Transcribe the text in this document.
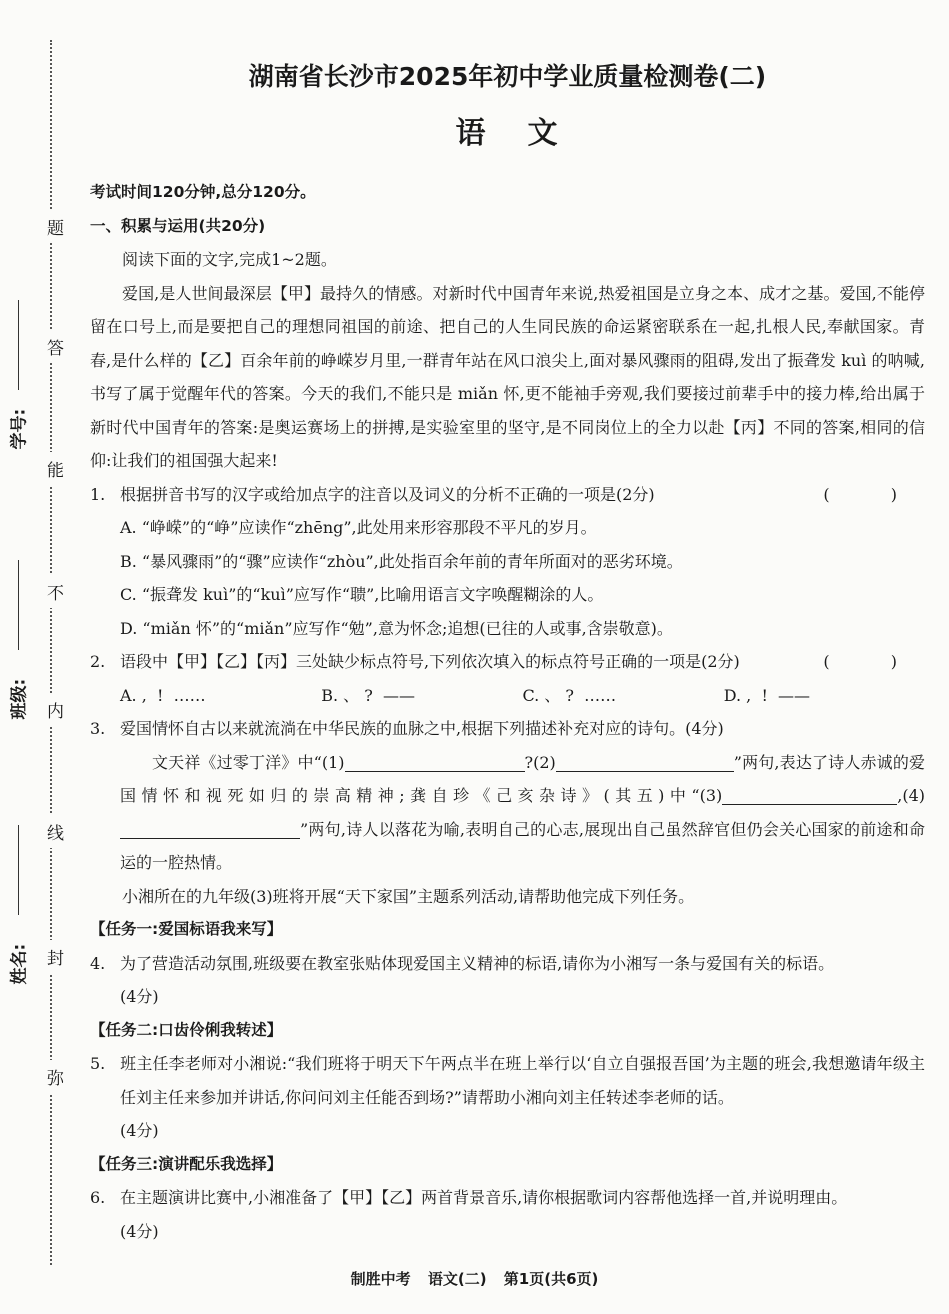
题
答
能
不
内
线
封
弥
学号:
班级:
姓名:
湖南省长沙市2025年初中学业质量检测卷(二)
语文

考试时间120分钟,总分120分。

一、积累与运用(共20分)

阅读下面的文字,完成1~2题。

爱国,是人世间最深层【甲】最持久的情感。对新时代中国青年来说,热爱祖国是立身之本、成才之基。爱国,不能停留在口号上,而是要把自己的理想同祖国的前途、把自己的人生同民族的命运紧密联系在一起,扎根人民,奉献国家。青春,是什么样的【乙】百余年前的峥嵘岁月里,一群青年站在风口浪尖上,面对暴风骤雨的阻碍,发出了振聋发 kuì 的呐喊,书写了属于觉醒年代的答案。今天的我们,不能只是 miǎn 怀,更不能袖手旁观,我们要接过前辈手中的接力棒,给出属于新时代中国青年的答案:是奥运赛场上的拼搏,是实验室里的坚守,是不同岗位上的全力以赴【丙】不同的答案,相同的信仰:让我们的祖国强大起来!

1. 根据拼音书写的汉字或给加点字的注音以及词义的分析不正确的一项是(2分)	( )

A. “峥嵘”的“峥”应读作“zhēng”,此处用来形容那段不平凡的岁月。

B. “暴风骤雨”的“骤”应读作“zhòu”,此处指百余年前的青年所面对的恶劣环境。

C. “振聋发 kuì”的“kuì”应写作“聩”,比喻用语言文字唤醒糊涂的人。

D. “miǎn 怀”的“miǎn”应写作“勉”,意为怀念;追想(已往的人或事,含崇敬意)。

2. 语段中【甲】【乙】【丙】三处缺少标点符号,下列依次填入的标点符号正确的一项是(2分)	( )
A. ,  !  ……	B. 、 ?  ——	C. 、 ?  ……	D. ,  !  ——
3. 爱国情怀自古以来就流淌在中华民族的血脉之中,根据下列描述补充对应的诗句。(4分)

文天祥《过零丁洋》中“(1)	?(2)	”两句,表达了诗人赤诚的爱国情怀和视死如归的崇高精神;龚自珍《己亥杂诗》(其五)中“(3)	,(4)”两句,诗人以落花为喻,表明自己的心志,展现出自己虽然辞官但仍会关心国家的前途和命运的一腔热情。

小湘所在的九年级(3)班将开展“天下家国”主题系列活动,请帮助他完成下列任务。

【任务一:爱国标语我来写】

4. 为了营造活动氛围,班级要在教室张贴体现爱国主义精神的标语,请你为小湘写一条与爱国有关的标语。

(4分)

【任务二:口齿伶俐我转述】

5. 班主任李老师对小湘说:“我们班将于明天下午两点半在班上举行以‘自立自强报吾国’为主题的班会,我想邀请年级主任刘主任来参加并讲话,你问问刘主任能否到场?”请帮助小湘向刘主任转述李老师的话。

(4分)

【任务三:演讲配乐我选择】

6. 在主题演讲比赛中,小湘准备了【甲】【乙】两首背景音乐,请你根据歌词内容帮他选择一首,并说明理由。

(4分)

制胜中考 语文(二) 第1页(共6页)
